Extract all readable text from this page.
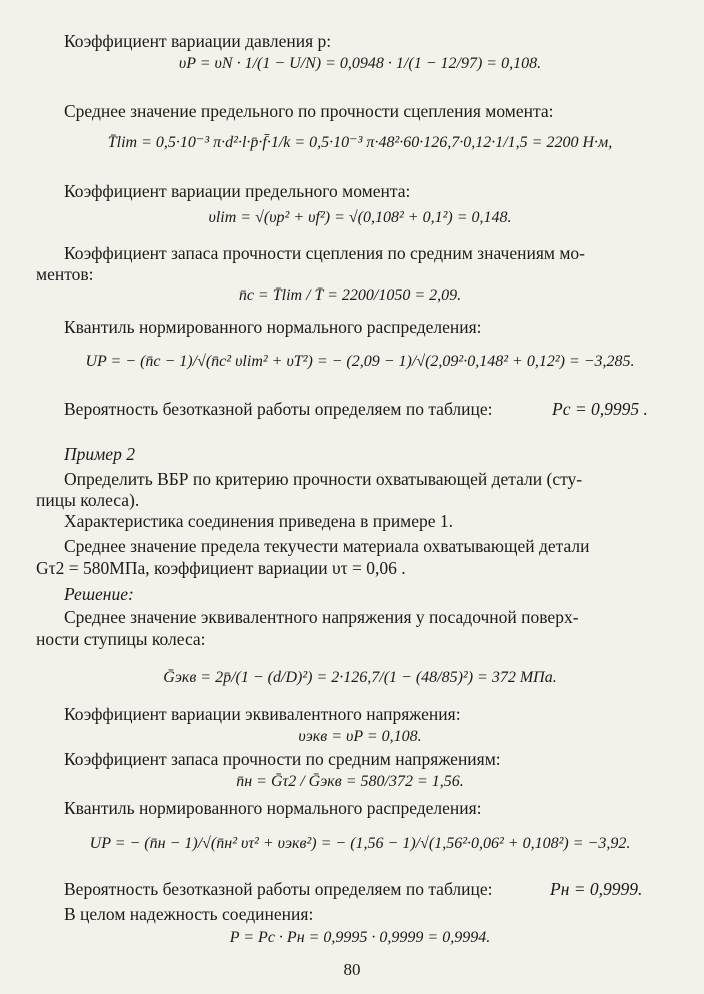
Коэффициент вариации давления p:
υP = υN · 1/(1 − U/N) = 0,0948 · 1/(1 − 12/97) = 0,108.
Среднее значение предельного по прочности сцепления момента:
T̄lim = 0,5·10⁻³ π·d²·l·p̄·f̄·1/k = 0,5·10⁻³ π·48²·60·126,7·0,12·1/1,5 = 2200 H·м,
Коэффициент вариации предельного момента:
υlim = √(υp² + υf²) = √(0,108² + 0,1²) = 0,148.
Коэффициент запаса прочности сцепления по средним значениям мо-
ментов:
n̄c = T̄lim / T̄ = 2200/1050 = 2,09.
Квантиль нормированного нормального распределения:
UP = − (n̄c − 1)/√(n̄c² υlim² + υT²) = − (2,09 − 1)/√(2,09²·0,148² + 0,12²) = −3,285.
Вероятность безотказной работы определяем по таблице:	Pc = 0,9995 .
Пример 2
Определить ВБР по критерию прочности охватывающей детали (сту-
пицы колеса).
Характеристика соединения приведена в примере 1.
Среднее значение предела текучести материала охватывающей детали
Gτ2 = 580МПа, коэффициент вариации υτ = 0,06 .
Решение:
Среднее значение эквивалентного напряжения у посадочной поверх-
ности ступицы колеса:
Ḡэкв = 2p̄/(1 − (d/D)²) = 2·126,7/(1 − (48/85)²) = 372 МПа.
Коэффициент вариации эквивалентного напряжения:
υэкв = υP = 0,108.
Коэффициент запаса прочности по средним напряжениям:
n̄н = Ḡτ2 / Ḡэкв = 580/372 = 1,56.
Квантиль нормированного нормального распределения:
UP = − (n̄н − 1)/√(n̄н² υτ² + υэкв²) = − (1,56 − 1)/√(1,56²·0,06² + 0,108²) = −3,92.
Вероятность безотказной работы определяем по таблице:	Pн = 0,9999.
В целом надежность соединения:
P = Pc · Pн = 0,9995 · 0,9999 = 0,9994.
80
